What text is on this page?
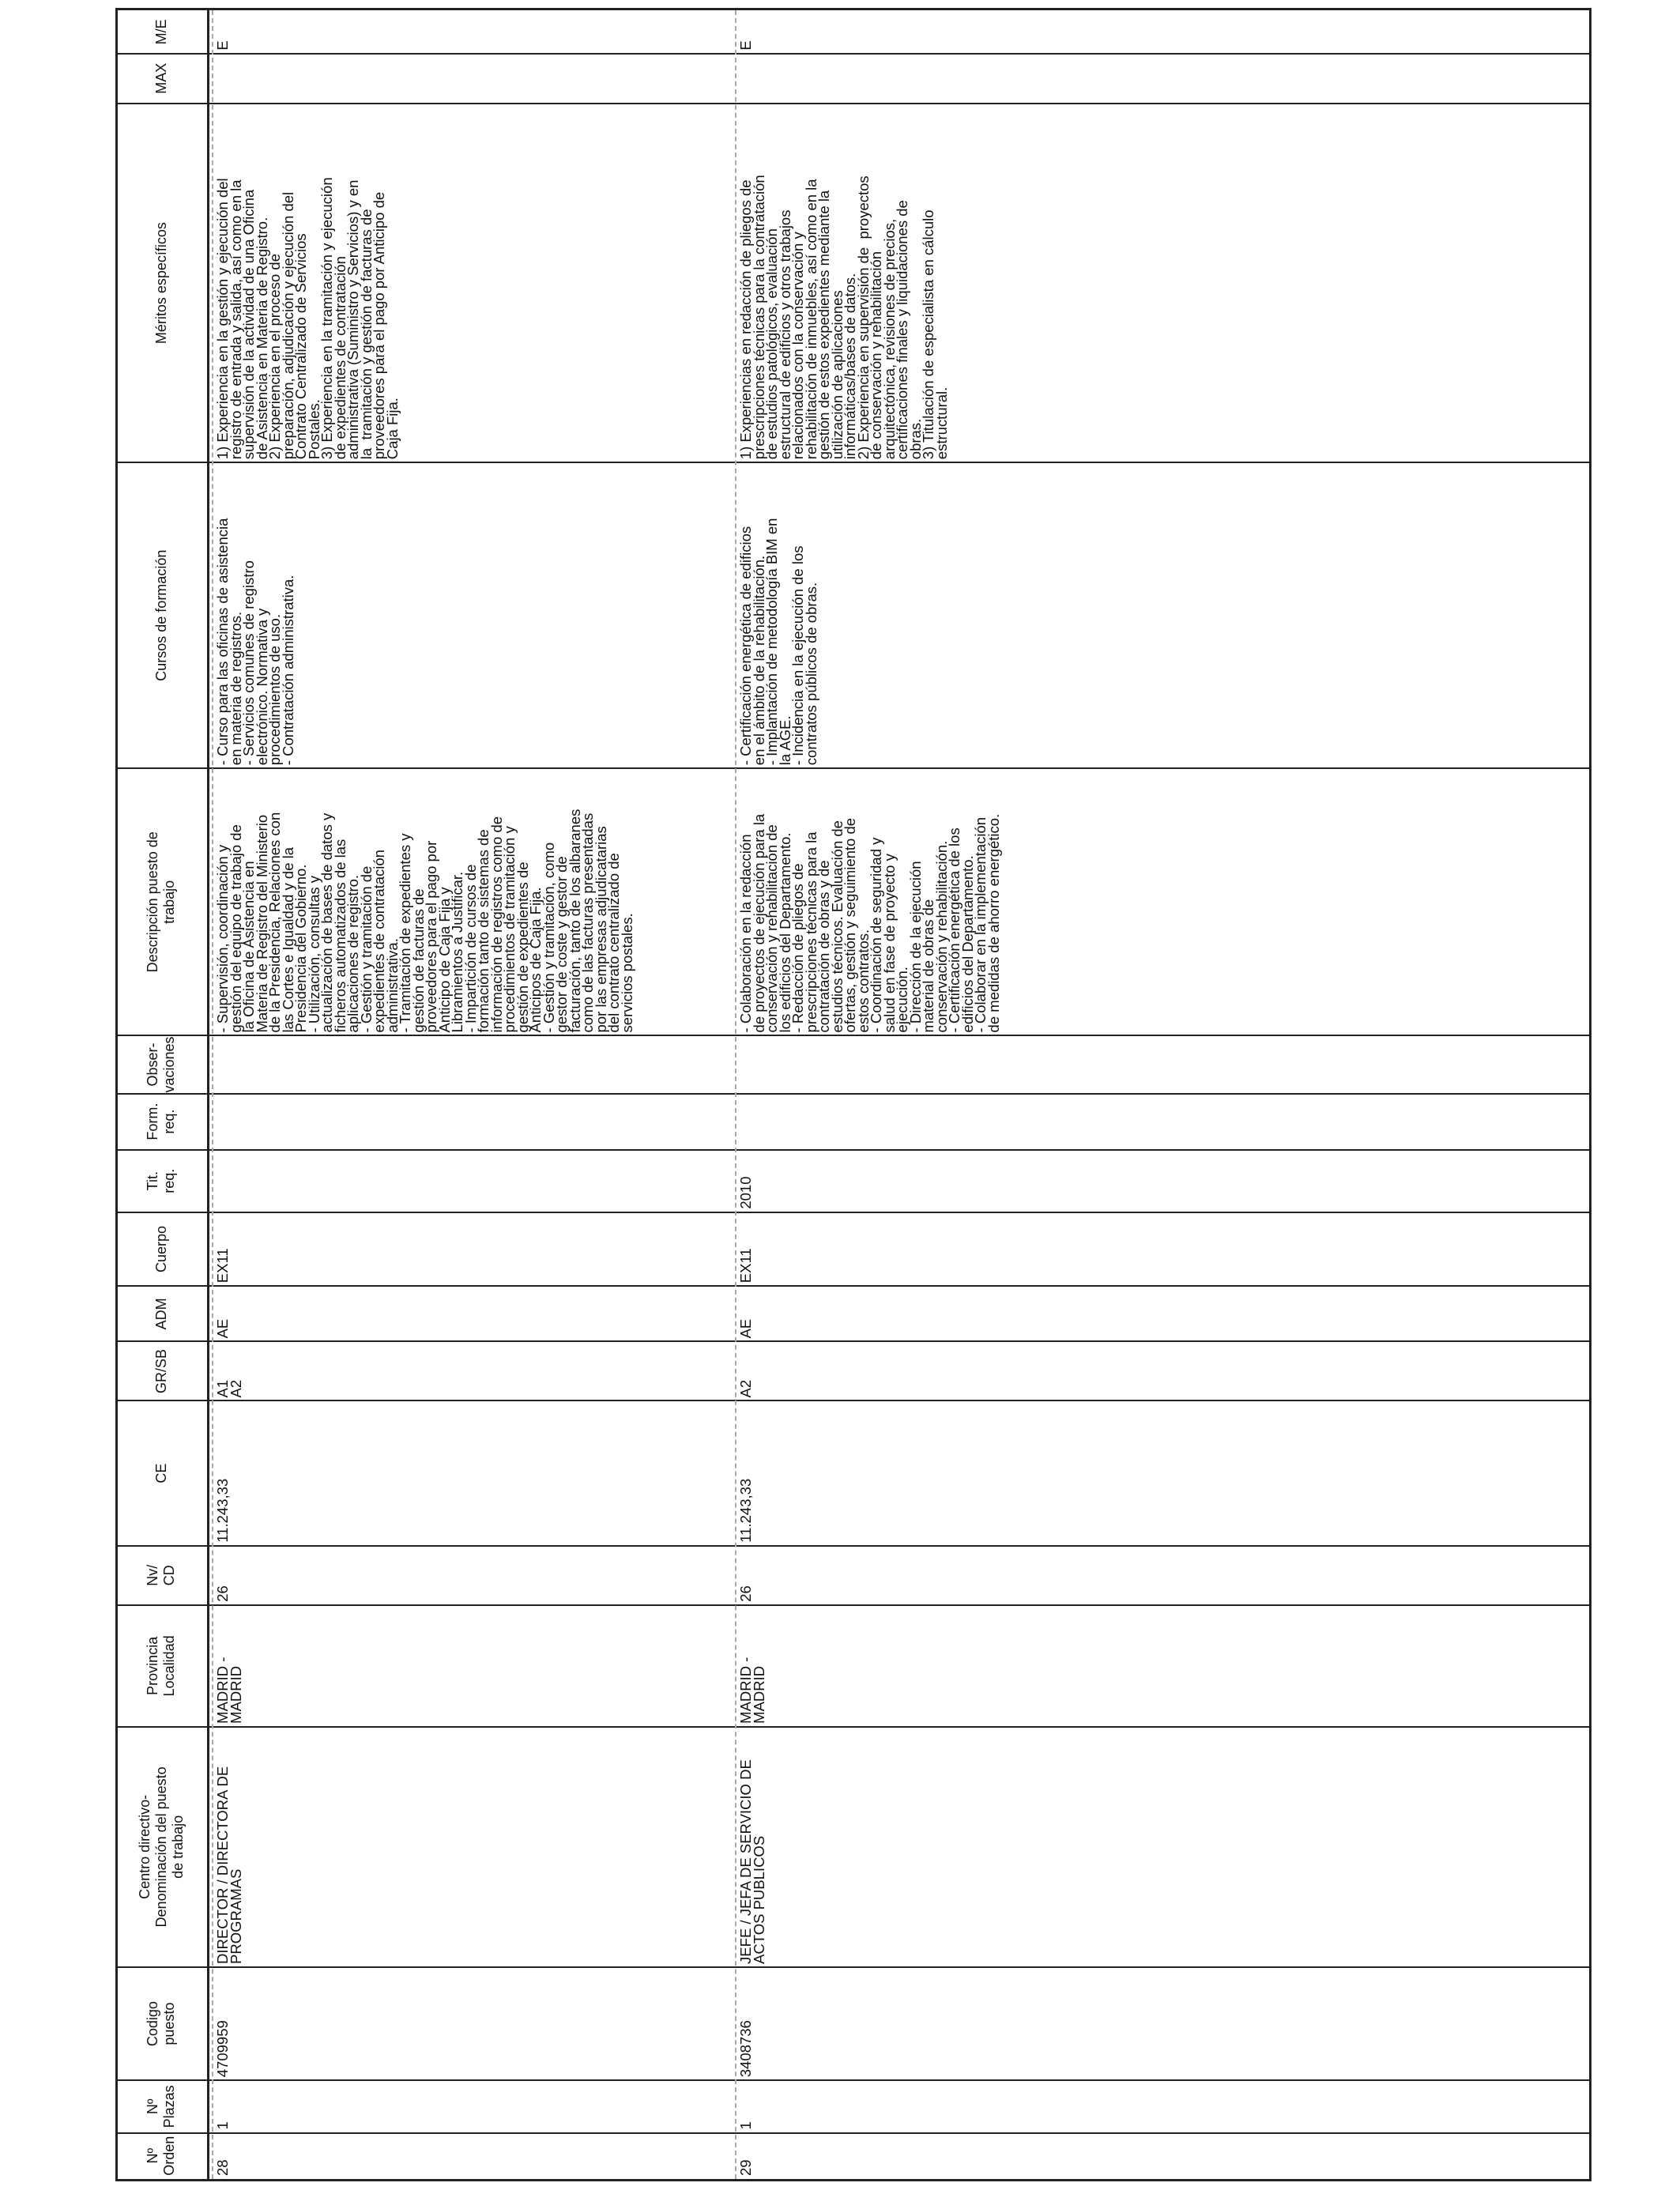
Nº Orden
Nº Plazas
Codigo puesto
Centro directivo- Denominación del puesto de trabajo
Provincia Localidad
Nv/ CD
CE
GR/SB
ADM
Cuerpo
Tit. req.
Form. req.
Obser- vaciones
Descripción puesto de trabajo
Cursos de formación
Méritos específicos
MAX
M/E
28
1
4709959
DIRECTOR / DIRECTORA DE
PROGRAMAS
MADRID -
MADRID
26
11.243,33
A1
A2
AE
EX11
- Supervisión, coordinación y
gestión del equipo de trabajo de
la Oficina de Asistencia en
Materia de Registro del Ministerio
de la Presidencia, Relaciones con
las Cortes e Igualdad y de la
Presidencia del Gobierno.
- Utilización, consultas y
actualización de bases de datos y
ficheros automatizados de las
aplicaciones de registro.
- Gestión y tramitación de
expedientes de contratación
administrativa.
- Tramitación de expedientes y
gestión de facturas de
proveedores para el pago por
Anticipo de Caja Fija y
Libramientos a Justificar.
- Impartición de cursos de
formación tanto de sistemas de
información de registros como de
procedimientos de tramitación y
gestión de expedientes de
Anticipos de Caja Fija.
- Gestión y tramitación, como
gestor de coste y gestor de
facturación, tanto de los albaranes
como de las facturas presentadas
por las empresas adjudicatarias
del contrato centralizado de
servicios postales.
- Curso para las oficinas de asistencia
en materia de registros.
- Servicios comunes de registro
electrónico. Normativa y
procedimientos de uso.
- Contratación administrativa.
1) Experiencia en la gestión y ejecución del
registro de entrada y salida, así como en la
supervisión de la actividad de una Oficina
de Asistencia en Materia de Registro.
2) Experiencia en el proceso de
preparación, adjudicación y ejecución del
Contrato Centralizado de Servicios
Postales.
3) Experiencia en la tramitación y ejecución
de expedientes de contratación
administrativa (Suministro y Servicios) y en
la  tramitación y gestión de facturas de
proveedores para el pago por Anticipo de
Caja Fija.
E
29
1
3408736
JEFE / JEFA DE SERVICIO DE
ACTOS PUBLICOS
MADRID -
MADRID
26
11.243,33
A2
AE
EX11
2010
- Colaboración en la redacción
de proyectos de ejecución para la
conservación y rehabilitación de
los edificios del Departamento.
- Redacción de pliegos de
prescripciones técnicas para la
contratación de obras y de
estudios técnicos. Evaluación de
ofertas, gestión y seguimiento de
estos contratos.
- Coordinación de seguridad y
salud en fase de proyecto y
ejecución.
- Dirección de la ejecución
material de obras de
conservación y rehabilitación.
- Certificación energética de los
edificios del Departamento.
- Colaborar en la implementación
de medidas de ahorro energético.
- Certificación energética de edificios
en el ámbito de la rehabilitación.
- Implantación de metodología BIM en
la AGE.
- Incidencia en la ejecución de los
contratos públicos de obras.
1) Experiencias en redacción de pliegos de
prescripciones técnicas para la contratación
de estudios patológicos, evaluación
estructural de edificios y otros trabajos
relacionados con la conservación y
rehabilitación de inmuebles, así como en la
gestión de estos expedientes mediante la
utilización de aplicaciones
informáticas/bases de datos.
2) Experiencia en supervisión de  proyectos
de conservación y rehabilitación
arquitectónica, revisiones de precios,
certificaciones finales y liquidaciones de
obras.
3) Titulación de especialista en cálculo
estructural.
E
